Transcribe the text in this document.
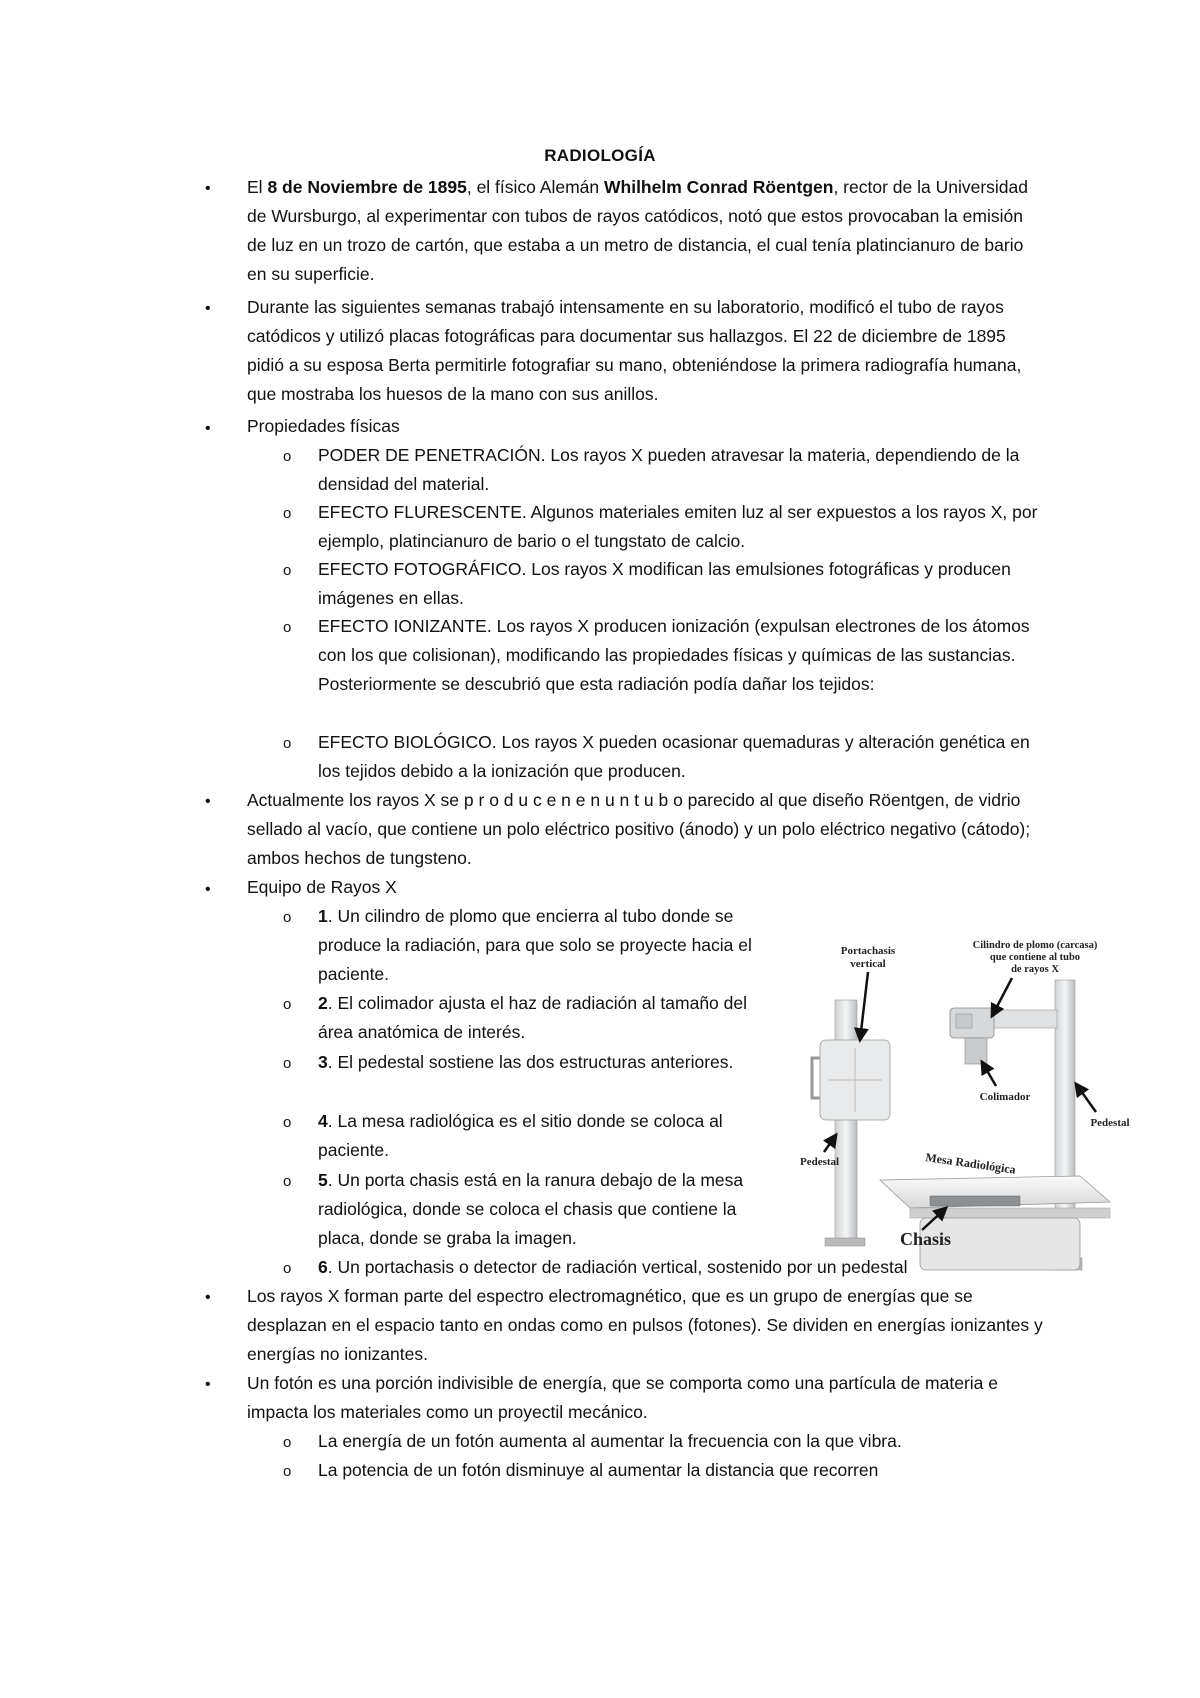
RADIOLOGÍA
• El 8 de Noviembre de 1895, el físico Alemán Whilhelm Conrad Röentgen, rector de la Universidad de Wursburgo, al experimentar con tubos de rayos catódicos, notó que estos provocaban la emisión de luz en un trozo de cartón, que estaba a un metro de distancia, el cual tenía platincianuro de bario en su superficie.
• Durante las siguientes semanas trabajó intensamente en su laboratorio, modificó el tubo de rayos catódicos y utilizó placas fotográficas para documentar sus hallazgos. El 22 de diciembre de 1895 pidió a su esposa Berta permitirle fotografiar su mano, obteniéndose la primera radiografía humana, que mostraba los huesos de la mano con sus anillos.
• Propiedades físicas
o PODER DE PENETRACIÓN. Los rayos X pueden atravesar la materia, dependiendo de la densidad del material.
o EFECTO FLURESCENTE. Algunos materiales emiten luz al ser expuestos a los rayos X, por ejemplo, platincianuro de bario o el tungstato de calcio.
o EFECTO FOTOGRÁFICO. Los rayos X modifican las emulsiones fotográficas y producen imágenes en ellas.
o EFECTO IONIZANTE. Los rayos X producen ionización (expulsan electrones de los átomos con los que colisionan), modificando las propiedades físicas y químicas de las sustancias. Posteriormente se descubrió que esta radiación podía dañar los tejidos:
o EFECTO BIOLÓGICO. Los rayos X pueden ocasionar quemaduras y alteración genética en los tejidos debido a la ionización que producen.
• Actualmente los rayos X se p r o d u c e n e n u n t u b o parecido al que diseño Röentgen, de vidrio sellado al vacío, que contiene un polo eléctrico positivo (ánodo) y un polo eléctrico negativo (cátodo); ambos hechos de tungsteno.
• Equipo de Rayos X
o 1. Un cilindro de plomo que encierra al tubo donde se produce la radiación, para que solo se proyecte hacia el paciente.
o 2. El colimador ajusta el haz de radiación al tamaño del área anatómica de interés.
o 3. El pedestal sostiene las dos estructuras anteriores.
o 4. La mesa radiológica es el sitio donde se coloca al paciente.
o 5. Un porta chasis está en la ranura debajo de la mesa radiológica, donde se coloca el chasis que contiene la placa, donde se graba la imagen.
o 6. Un portachasis o detector de radiación vertical, sostenido por un pedestal
• Los rayos X forman parte del espectro electromagnético, que es un grupo de energías que se desplazan en el espacio tanto en ondas como en pulsos (fotones). Se dividen en energías ionizantes y energías no ionizantes.
• Un fotón es una porción indivisible de energía, que se comporta como una partícula de materia e impacta los materiales como un proyectil mecánico.
o La energía de un fotón aumenta al aumentar la frecuencia con la que vibra.
o La potencia de un fotón disminuye al aumentar la distancia que recorren
Portachasis
vertical
Cilindro de plomo (carcasa)
que contiene al tubo
de rayos X
Colimador
Pedestal
Pedestal	Mesa Radiológica
Chasis
